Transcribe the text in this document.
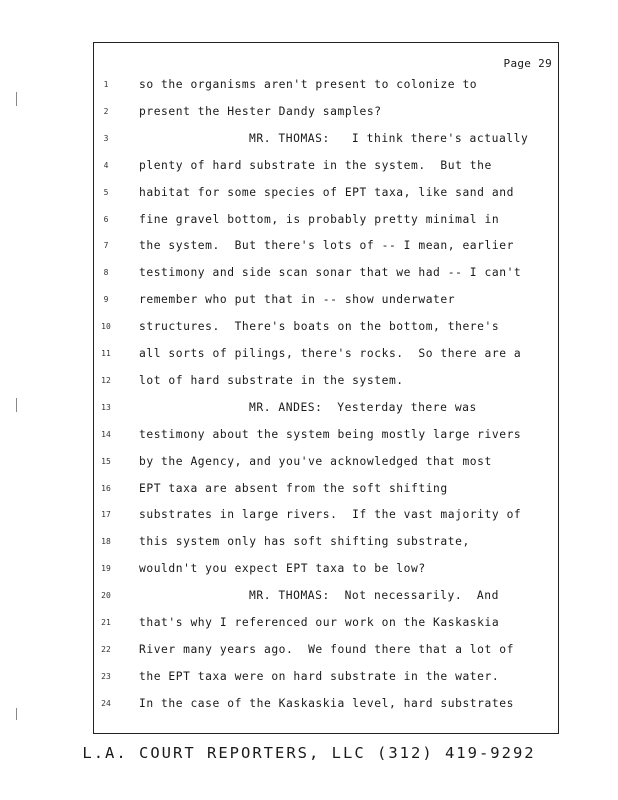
Page 29
1	so the organisms aren't present to colonize to
2	present the Hester Dandy samples?
3	MR. THOMAS:   I think there's actually
4	plenty of hard substrate in the system.  But the
5	habitat for some species of EPT taxa, like sand and
6	fine gravel bottom, is probably pretty minimal in
7	the system.  But there's lots of -- I mean, earlier
8	testimony and side scan sonar that we had -- I can't
9	remember who put that in -- show underwater
10	structures.  There's boats on the bottom, there's
11	all sorts of pilings, there's rocks.  So there are a
12	lot of hard substrate in the system.
13	MR. ANDES:  Yesterday there was
14	testimony about the system being mostly large rivers
15	by the Agency, and you've acknowledged that most
16	EPT taxa are absent from the soft shifting
17	substrates in large rivers.  If the vast majority of
18	this system only has soft shifting substrate,
19	wouldn't you expect EPT taxa to be low?
20	MR. THOMAS:  Not necessarily.  And
21	that's why I referenced our work on the Kaskaskia
22	River many years ago.  We found there that a lot of
23	the EPT taxa were on hard substrate in the water.
24	In the case of the Kaskaskia level, hard substrates
L.A. COURT REPORTERS, LLC (312) 419-9292
